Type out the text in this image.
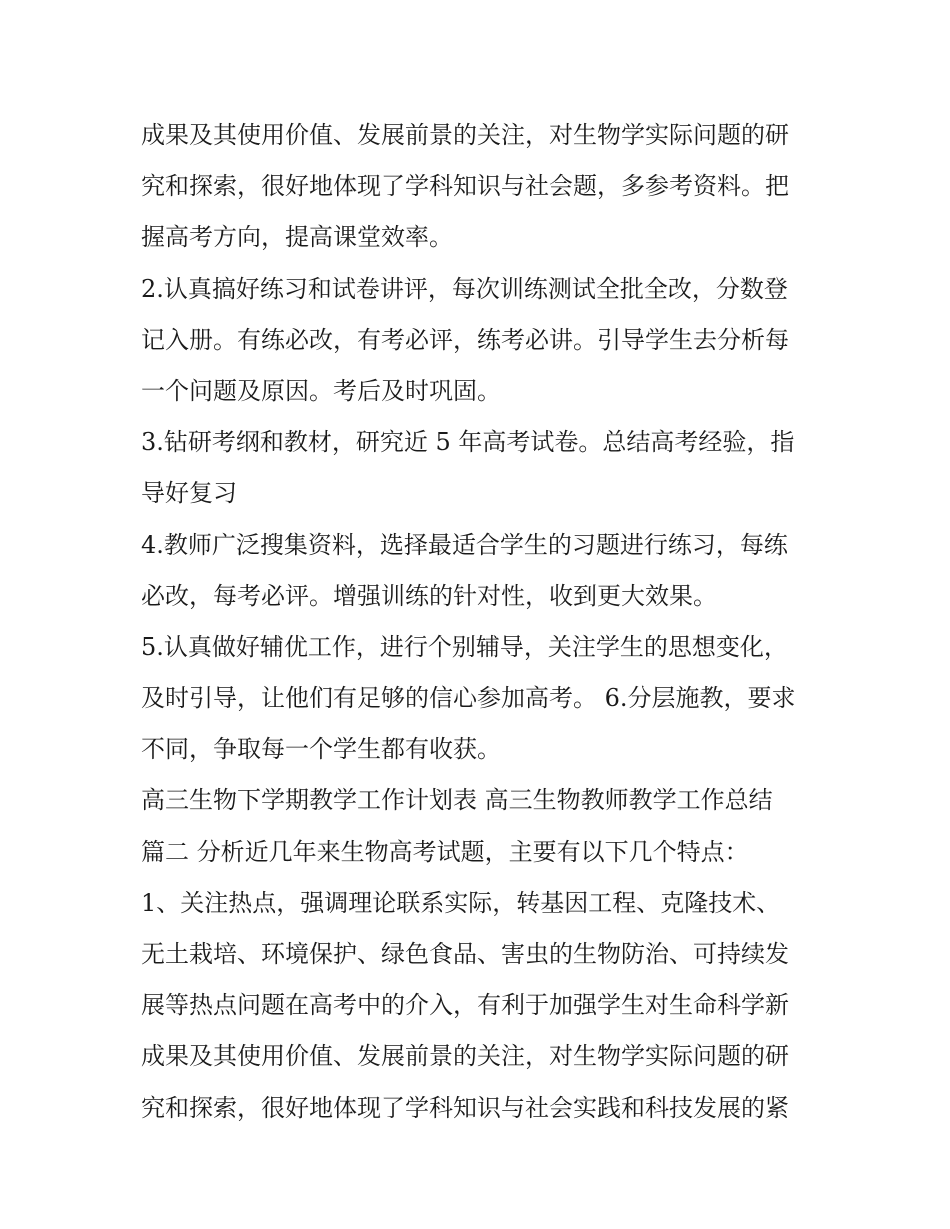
成果及其使用价值、发展前景的关注，对生物学实际问题的研
究和探索，很好地体现了学科知识与社会题，多参考资料。把
握高考方向，提高课堂效率。
2.认真搞好练习和试卷讲评，每次训练测试全批全改，分数登
记入册。有练必改，有考必评，练考必讲。引导学生去分析每
一个问题及原因。考后及时巩固。
3.钻研考纲和教材，研究近 5 年高考试卷。总结高考经验，指
导好复习
4.教师广泛搜集资料，选择最适合学生的习题进行练习，每练
必改，每考必评。增强训练的针对性，收到更大效果。
5.认真做好辅优工作，进行个别辅导，关注学生的思想变化，
及时引导，让他们有足够的信心参加高考。 6.分层施教，要求
不同，争取每一个学生都有收获。
高三生物下学期教学工作计划表 高三生物教师教学工作总结
篇二 分析近几年来生物高考试题，主要有以下几个特点：
1、关注热点，强调理论联系实际，转基因工程、克隆技术、
无土栽培、环境保护、绿色食品、害虫的生物防治、可持续发
展等热点问题在高考中的介入，有利于加强学生对生命科学新
成果及其使用价值、发展前景的关注，对生物学实际问题的研
究和探索，很好地体现了学科知识与社会实践和科技发展的紧
